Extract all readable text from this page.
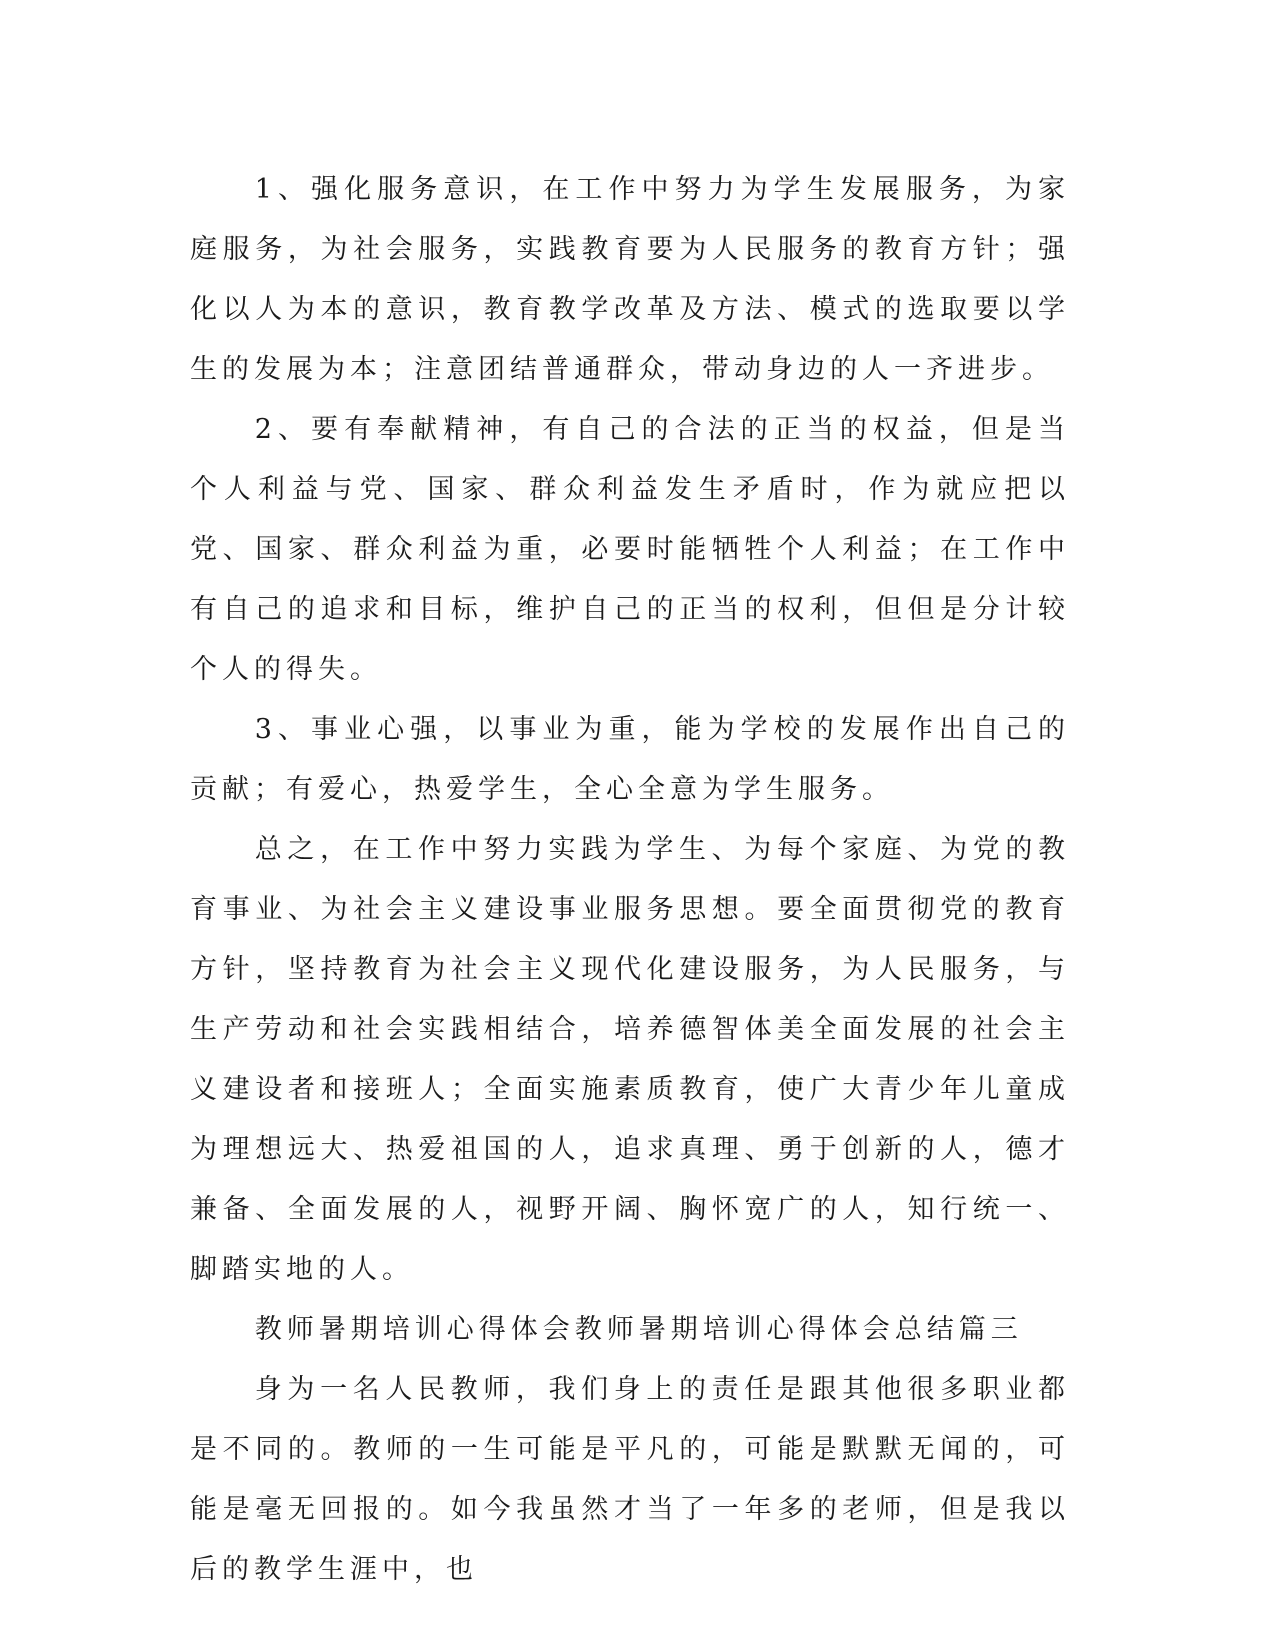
1、强化服务意识，在工作中努力为学生发展服务，为家庭服务，为社会服务，实践教育要为人民服务的教育方针；强化以人为本的意识，教育教学改革及方法、模式的选取要以学生的发展为本；注意团结普通群众，带动身边的人一齐进步。

2、要有奉献精神，有自己的合法的正当的权益，但是当个人利益与党、国家、群众利益发生矛盾时，作为就应把以党、国家、群众利益为重，必要时能牺牲个人利益；在工作中有自己的追求和目标，维护自己的正当的权利，但但是分计较个人的得失。

3、事业心强，以事业为重，能为学校的发展作出自己的贡献；有爱心，热爱学生，全心全意为学生服务。

总之，在工作中努力实践为学生、为每个家庭、为党的教育事业、为社会主义建设事业服务思想。要全面贯彻党的教育方针，坚持教育为社会主义现代化建设服务，为人民服务，与生产劳动和社会实践相结合，培养德智体美全面发展的社会主义建设者和接班人；全面实施素质教育，使广大青少年儿童成为理想远大、热爱祖国的人，追求真理、勇于创新的人，德才兼备、全面发展的人，视野开阔、胸怀宽广的人，知行统一、脚踏实地的人。

教师暑期培训心得体会教师暑期培训心得体会总结篇三

身为一名人民教师，我们身上的责任是跟其他很多职业都是不同的。教师的一生可能是平凡的，可能是默默无闻的，可能是毫无回报的。如今我虽然才当了一年多的老师，但是我以后的教学生涯中，也
